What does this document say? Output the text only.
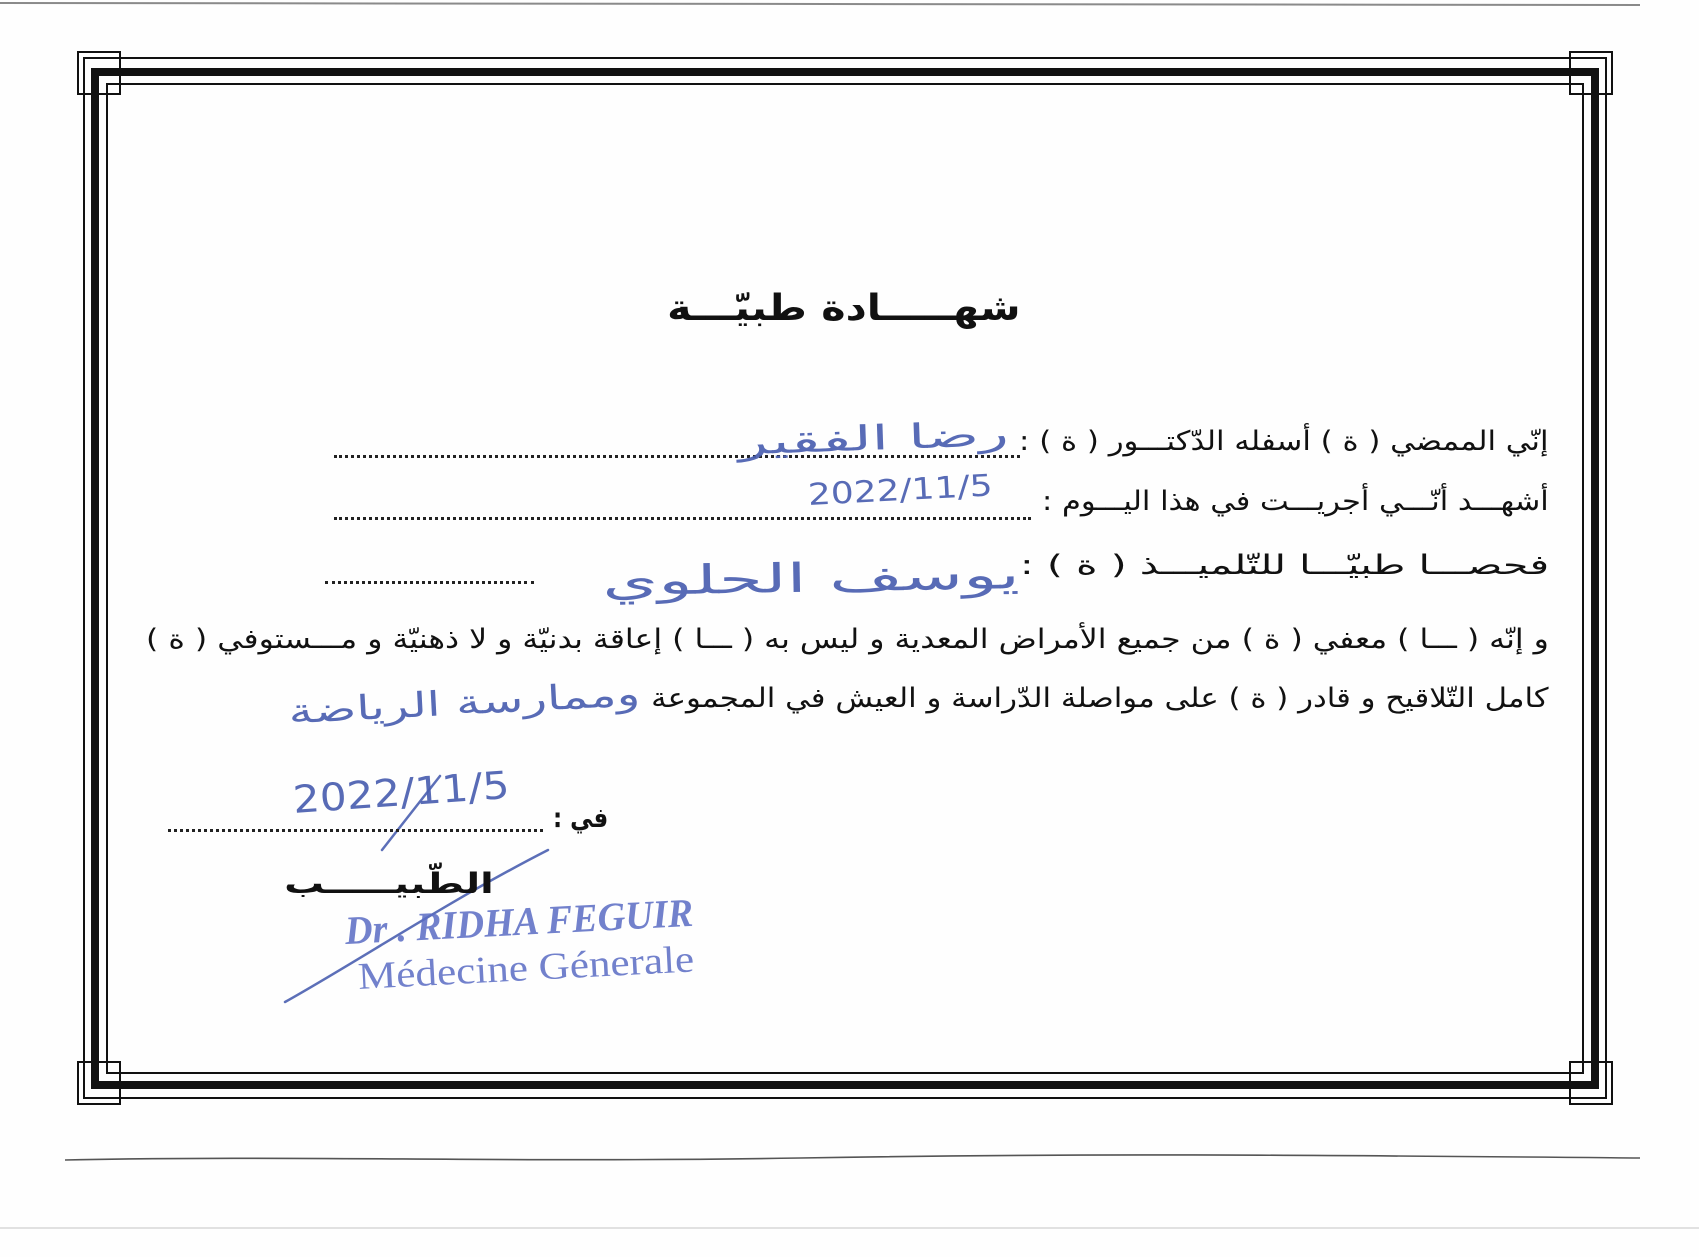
شهـــــادة طبيّـــة
إنّي الممضي ( ة ) أسفله الدّكتـــور ( ة ) :
رضا الفقير
أشهـــد أنّـــي أجريـــت في هذا اليـــوم :
2022/11/5
فحصـــا طبيّـــا للتّلميـــذ ( ة ) :
يوسف الحلوي
و إنّه ( ـــا ) معفي ( ة ) من جميع الأمراض المعدية و ليس به ( ـــا ) إعاقة بدنيّة و لا ذهنيّة و مـــستوفي ( ة )
كامل التّلاقيح و قادر ( ة ) على مواصلة الدّراسة و العيش في المجموعة
وممارسة الرياضة
في :
2022/11/5
الطّبيـــــب
Dr . RIDHA FEGUIR
Médecine Génerale
